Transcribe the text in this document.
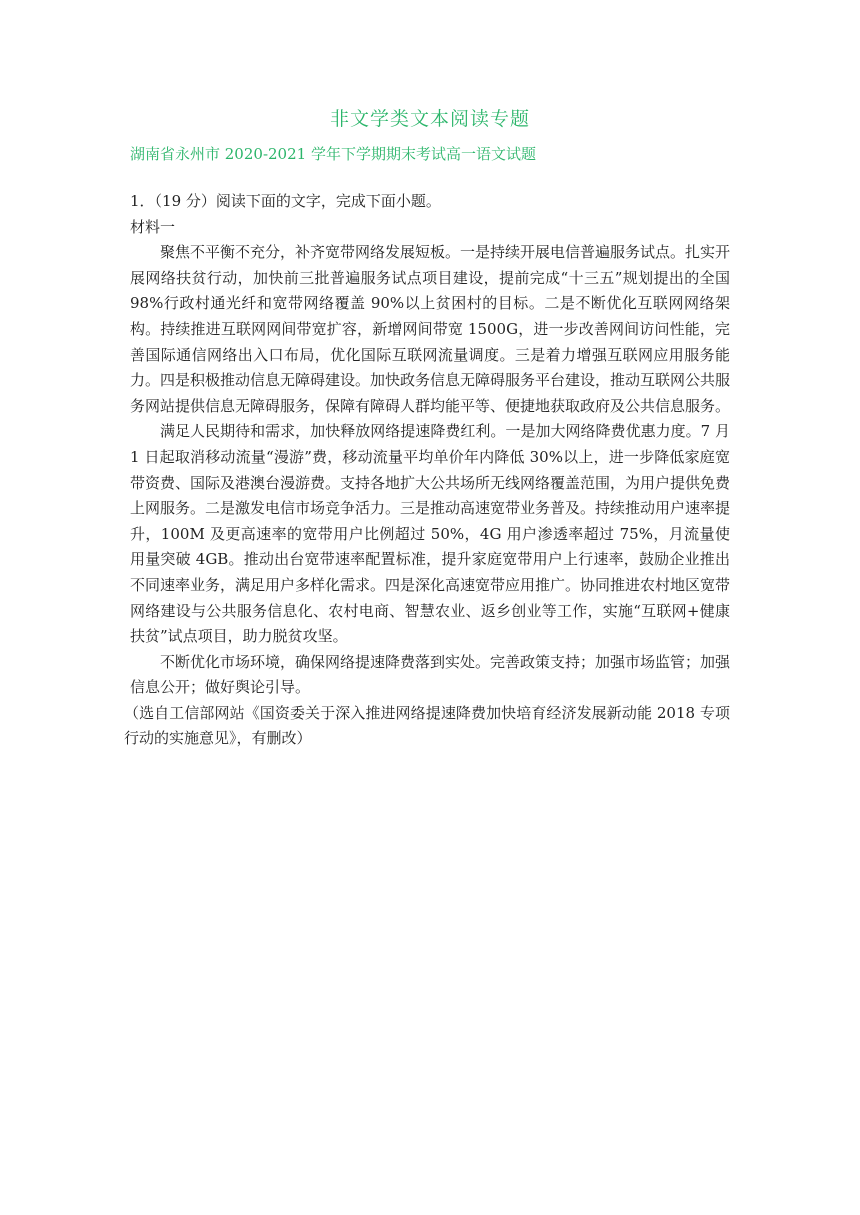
非文学类文本阅读专题
湖南省永州市 2020-2021 学年下学期期末考试高一语文试题

1．（19 分）阅读下面的文字，完成下面小题。

材料一

聚焦不平衡不充分，补齐宽带网络发展短板。一是持续开展电信普遍服务试点。扎实开展网络扶贫行动，加快前三批普遍服务试点项目建设，提前完成“十三五”规划提出的全国 98%行政村通光纤和宽带网络覆盖 90%以上贫困村的目标。二是不断优化互联网网络架构。持续推进互联网网间带宽扩容，新增网间带宽 1500G，进一步改善网间访问性能，完善国际通信网络出入口布局，优化国际互联网流量调度。三是着力增强互联网应用服务能力。四是积极推动信息无障碍建设。加快政务信息无障碍服务平台建设，推动互联网公共服务网站提供信息无障碍服务，保障有障碍人群均能平等、便捷地获取政府及公共信息服务。

满足人民期待和需求，加快释放网络提速降费红利。一是加大网络降费优惠力度。7 月 1 日起取消移动流量“漫游”费，移动流量平均单价年内降低 30%以上，进一步降低家庭宽带资费、国际及港澳台漫游费。支持各地扩大公共场所无线网络覆盖范围，为用户提供免费上网服务。二是激发电信市场竞争活力。三是推动高速宽带业务普及。持续推动用户速率提升，100M 及更高速率的宽带用户比例超过 50%，4G 用户渗透率超过 75%，月流量使用量突破 4GB。推动出台宽带速率配置标准，提升家庭宽带用户上行速率，鼓励企业推出不同速率业务，满足用户多样化需求。四是深化高速宽带应用推广。协同推进农村地区宽带网络建设与公共服务信息化、农村电商、智慧农业、返乡创业等工作，实施“互联网+健康扶贫”试点项目，助力脱贫攻坚。

不断优化市场环境，确保网络提速降费落到实处。完善政策支持；加强市场监管；加强信息公开；做好舆论引导。

（选自工信部网站《国资委关于深入推进网络提速降费加快培育经济发展新动能 2018 专项行动的实施意见》，有删改）
